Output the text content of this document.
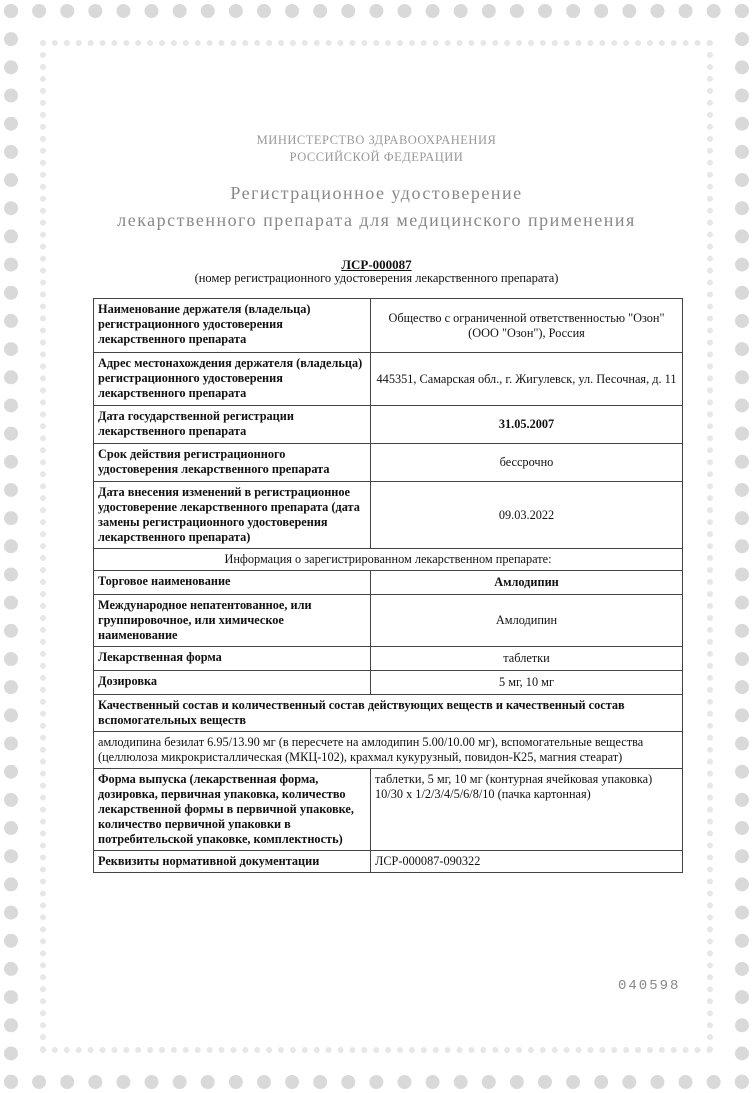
МИНИСТЕРСТВО ЗДРАВООХРАНЕНИЯ
РОССИЙСКОЙ ФЕДЕРАЦИИ
Регистрационное удостоверение
лекарственного препарата для медицинского применения
ЛСР-000087
(номер регистрационного удостоверения лекарственного препарата)
Наименование держателя (владельца) регистрационного удостоверения лекарственного препарата	Общество с ограниченной ответственностью "Озон" (ООО "Озон"), Россия
Адрес местонахождения держателя (владельца) регистрационного удостоверения лекарственного препарата	445351, Самарская обл., г. Жигулевск, ул. Песочная, д. 11
Дата государственной регистрации лекарственного препарата	31.05.2007
Срок действия регистрационного удостоверения лекарственного препарата	бессрочно
Дата внесения изменений в регистрационное удостоверение лекарственного препарата (дата замены регистрационного удостоверения лекарственного препарата)	09.03.2022
Информация о зарегистрированном лекарственном препарате:	
Торговое наименование	Амлодипин
Международное непатентованное, или группировочное, или химическое наименование	Амлодипин
Лекарственная форма	таблетки
Дозировка	5 мг, 10 мг
Качественный состав и количественный состав действующих веществ и качественный состав вспомогательных веществ	
амлодипина безилат 6.95/13.90 мг (в пересчете на амлодипин 5.00/10.00 мг), вспомогательные вещества (целлюлоза микрокристаллическая (МКЦ-102), крахмал кукурузный, повидон-К25, магния стеарат)	
Форма выпуска (лекарственная форма, дозировка, первичная упаковка, количество лекарственной формы в первичной упаковке, количество первичной упаковки в потребительской упаковке, комплектность)	таблетки, 5 мг, 10 мг (контурная ячейковая упаковка) 10/30 x 1/2/3/4/5/6/8/10 (пачка картонная)
Реквизиты нормативной документации	ЛСР-000087-090322
040598
